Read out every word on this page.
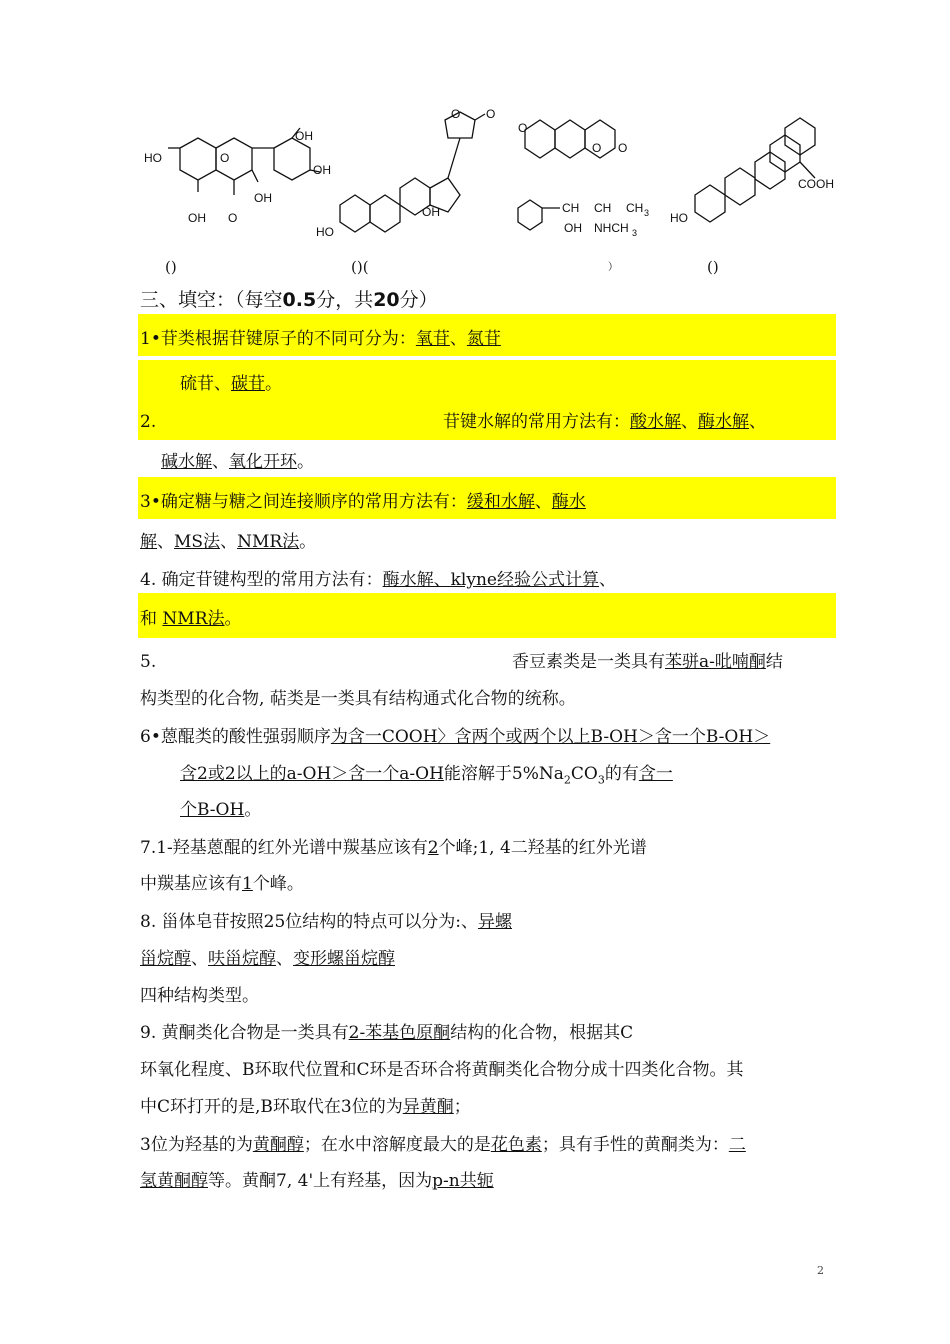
HO
OH
OH
OH
OH
O
O
O O
OH
HO
O
O O
CH CH CH 3
OH NHCH 3
COOH
HO
()	()(	）	()
三、填空：（每空0.5分，共20分）
1•苷类根据苷键原子的不同可分为：氧苷、氮苷
硫苷、碳苷。
2.	苷键水解的常用方法有：酸水解、酶水解、
碱水解、氧化开环。
3•确定糖与糖之间连接顺序的常用方法有：缓和水解、酶水
解、MS法、NMR法。
4. 确定苷键构型的常用方法有：酶水解、klyne经验公式计算、
和 NMR法。
5.	香豆素类是一类具有苯骈a-吡喃酮结
构类型的化合物, 萜类是一类具有结构通式化合物的统称。
6•蒽醌类的酸性强弱顺序为含一COOH〉含两个或两个以上B-OH＞含一个B-OH＞
含2或2以上的a-OH＞含一个a-OH能溶解于$5\%Na_2CO_3$的有含一
个B-OH。
7.1-羟基蒽醌的红外光谱中羰基应该有2个峰;1, 4二羟基的红外光谱
中羰基应该有1个峰。
8. 甾体皂苷按照25位结构的特点可以分为:、异螺
甾烷醇、呋甾烷醇、变形螺甾烷醇
四种结构类型。
9. 黄酮类化合物是一类具有2-苯基色原酮结构的化合物，根据其C
环氧化程度、B环取代位置和C环是否环合将黄酮类化合物分成十四类化合物。其
中C环打开的是,B环取代在3位的为异黄酮；
3位为羟基的为黄酮醇；在水中溶解度最大的是花色素；具有手性的黄酮类为：二
氢黄酮醇等。黄酮7, 4'上有羟基，因为p-n共轭
2
